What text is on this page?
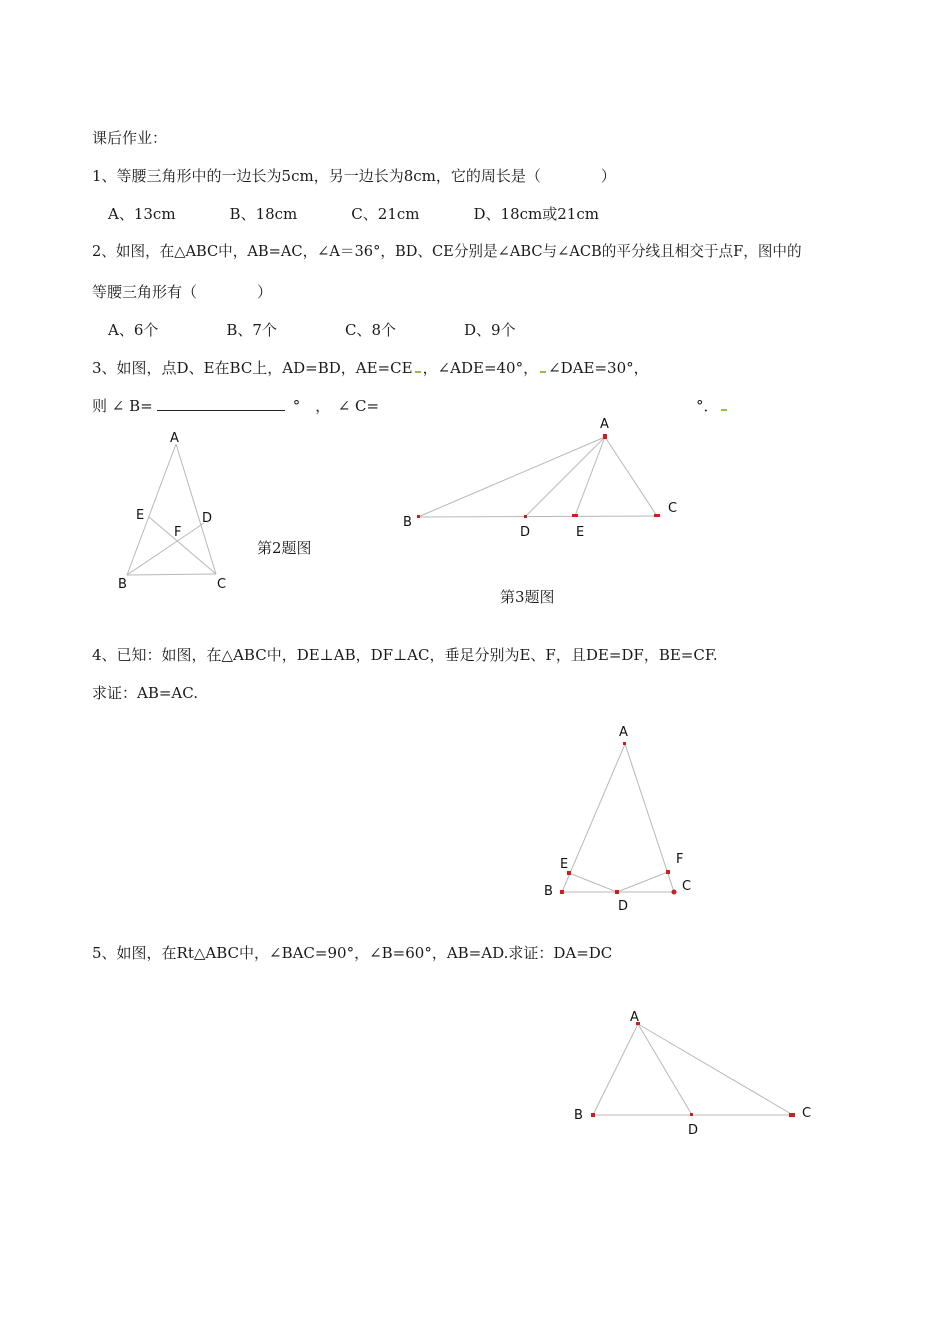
课后作业：
1、等腰三角形中的一边长为5cm，另一边长为8cm，它的周长是（　　　　）
A、13cm	B、18cm	C、21cm	D、18cm或21cm
2、如图，在△ABC中，AB=AC，∠A＝36°，BD、CE分别是∠ABC与∠ACB的平分线且相交于点F，图中的
等腰三角形有（　　　　）
A、6个	B、7个	C、8个	D、9个
3、如图，点D、E在BC上，AD=BD，AE=CE ，∠ADE=40°， ∠DAE=30°，
则 ∠ B=	°　，　∠ C=	°．
A
B	C
D
E
F
第2题图
A
B
C
D	E
第3题图
4、已知：如图，在△ABC中，DE⊥AB，DF⊥AC，垂足分别为E、F，且DE=DF，BE=CF.
求证：AB=AC.
A
B	C
D
E	F
5、如图，在Rt△ABC中，∠BAC=90°，∠B=60°，AB=AD.求证：DA=DC
A
B	C
D
